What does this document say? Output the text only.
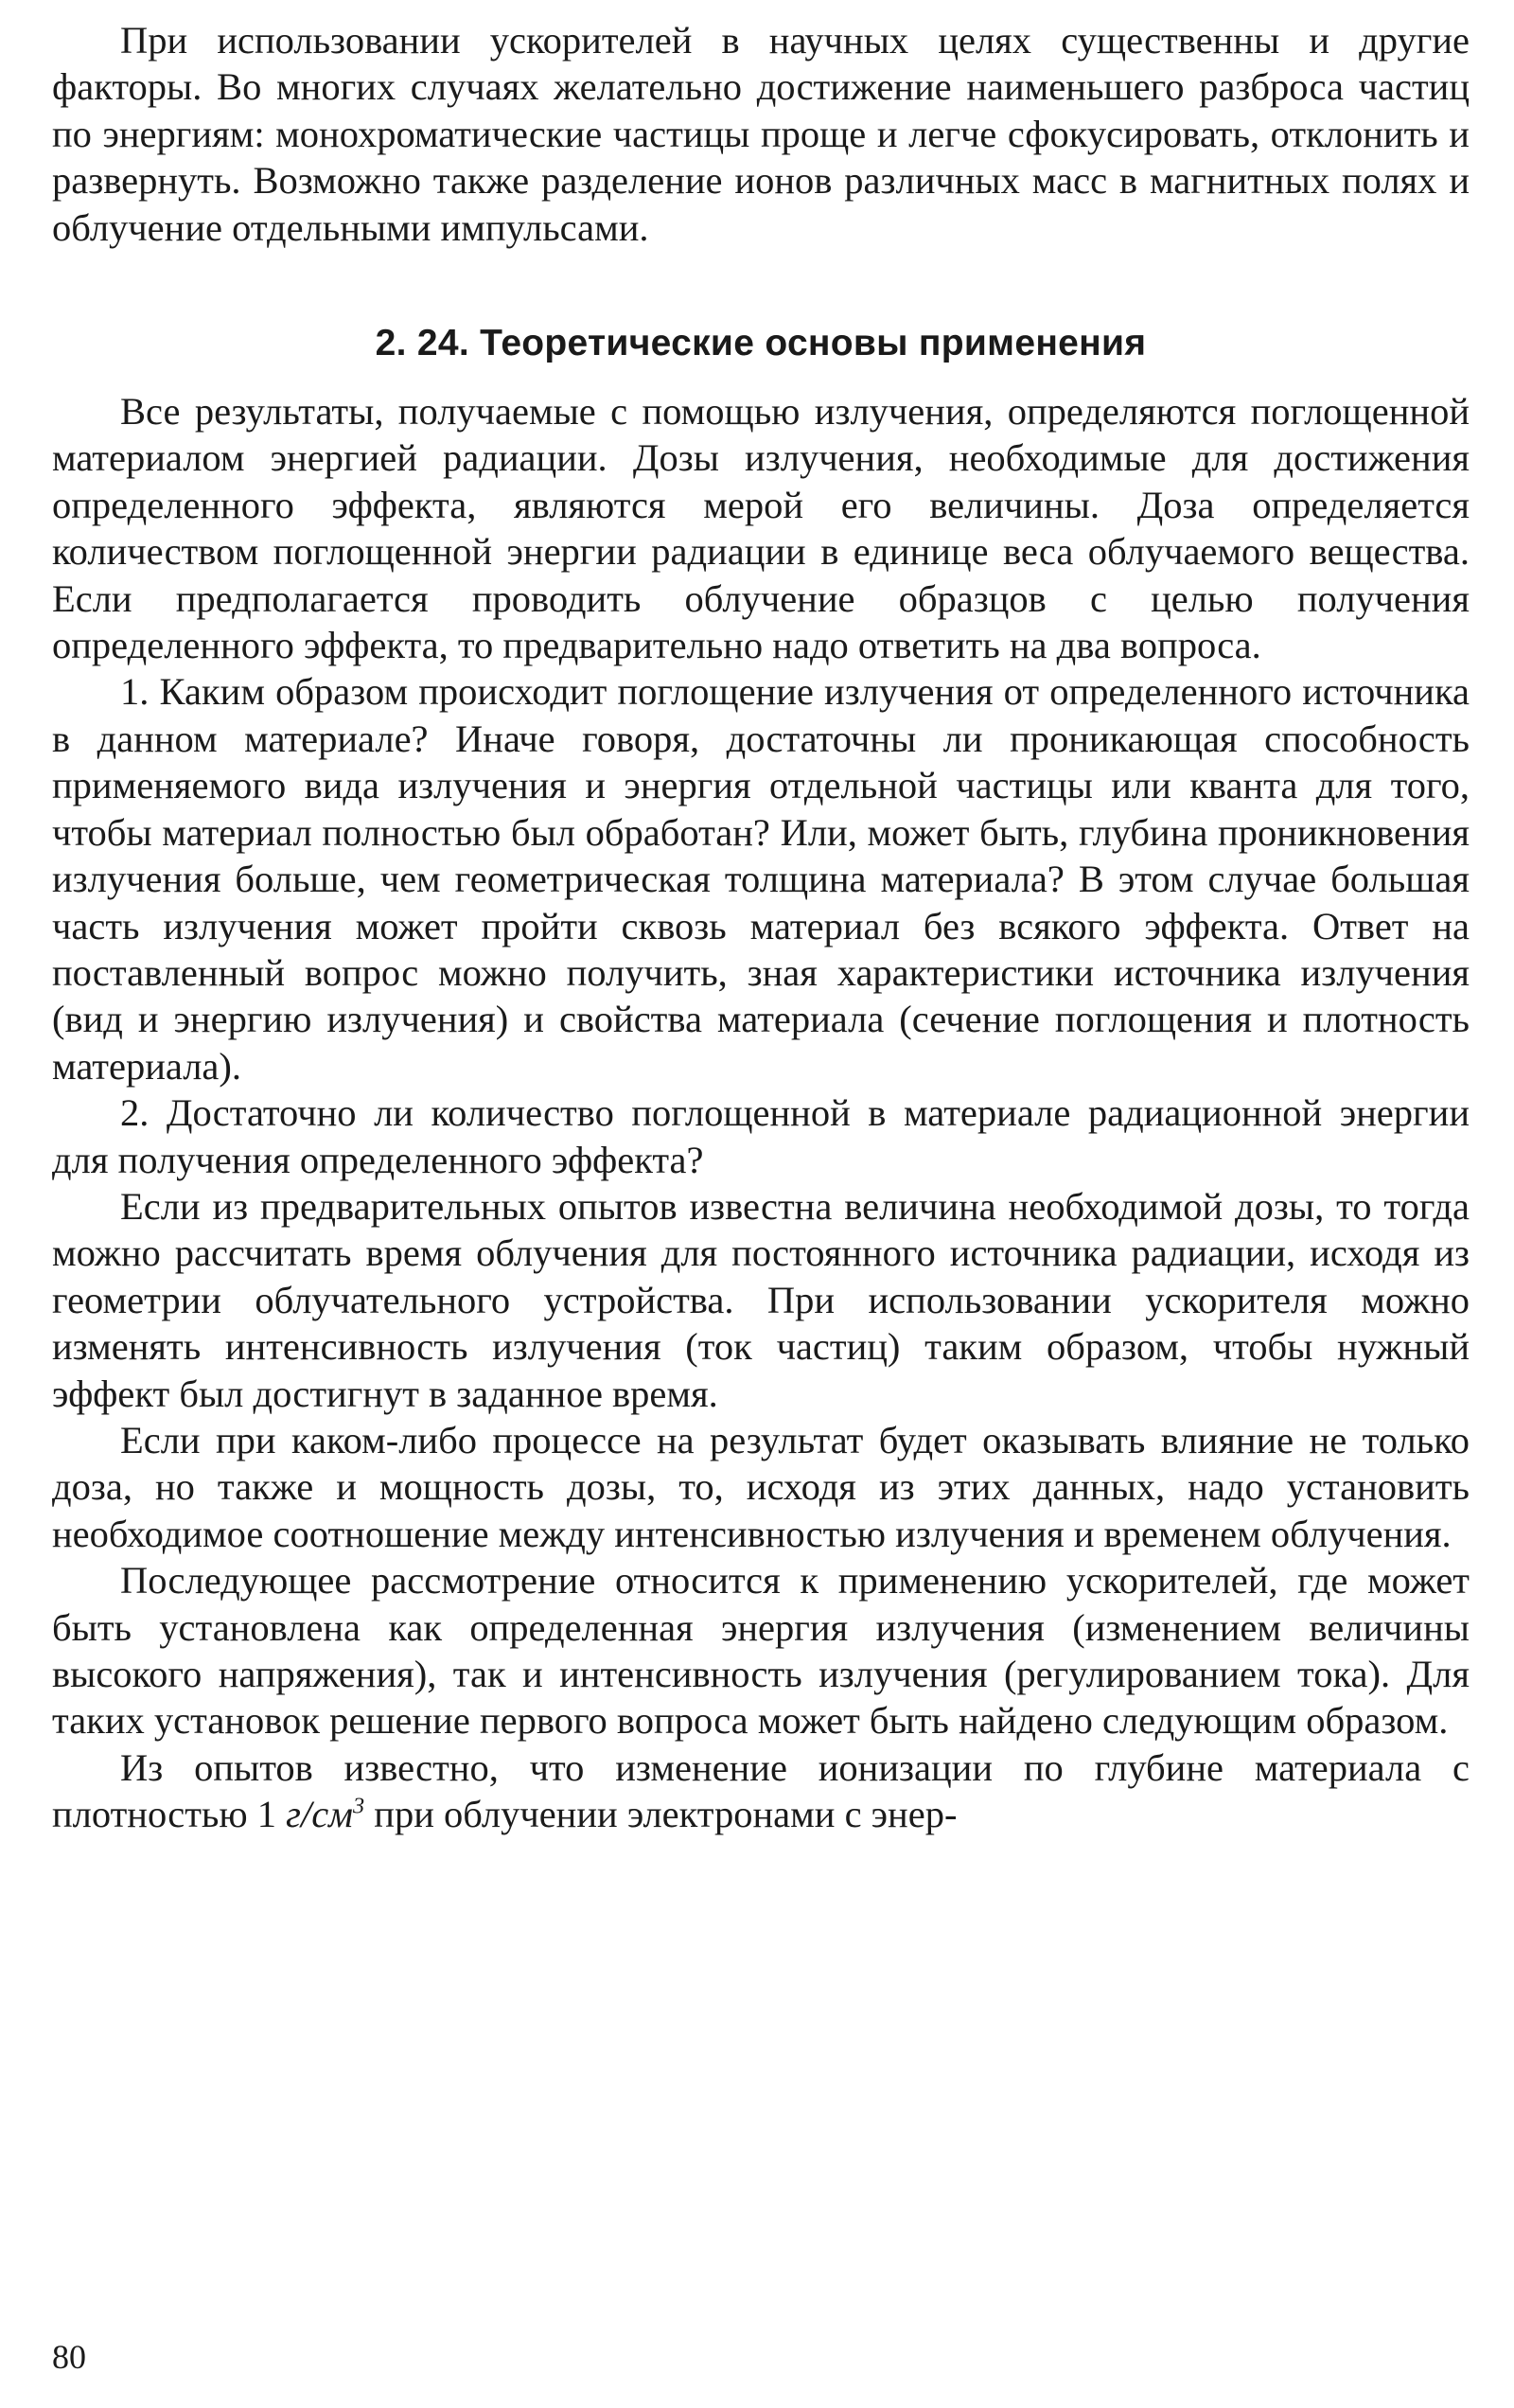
При использовании ускорителей в научных целях существенны и другие факторы. Во многих случаях желательно достижение наименьшего разброса частиц по энергиям: монохроматические частицы проще и легче сфокусировать, отклонить и развернуть. Возможно также разделение ионов различных масс в магнитных полях и облучение отдельными импульсами.

2. 24. Теоретические основы применения

Все результаты, получаемые с помощью излучения, определяются поглощенной материалом энергией радиации. Дозы излучения, необходимые для достижения определенного эффекта, являются мерой его величины. Доза определяется количеством поглощенной энергии радиации в единице веса облучаемого вещества. Если предполагается проводить облучение образцов с целью получения определенного эффекта, то предварительно надо ответить на два вопроса.

1. Каким образом происходит поглощение излучения от определенного источника в данном материале? Иначе говоря, достаточны ли проникающая способность применяемого вида излучения и энергия отдельной частицы или кванта для того, чтобы материал полностью был обработан? Или, может быть, глубина проникновения излучения больше, чем геометрическая толщина материала? В этом случае большая часть излучения может пройти сквозь материал без всякого эффекта. Ответ на поставленный вопрос можно получить, зная характеристики источника излучения (вид и энергию излучения) и свойства материала (сечение поглощения и плотность материала).

2. Достаточно ли количество поглощенной в материале радиационной энергии для получения определенного эффекта?

Если из предварительных опытов известна величина необходимой дозы, то тогда можно рассчитать время облучения для постоянного источника радиации, исходя из геометрии облучательного устройства. При использовании ускорителя можно изменять интенсивность излучения (ток частиц) таким образом, чтобы нужный эффект был достигнут в заданное время.

Если при каком-либо процессе на результат будет оказывать влияние не только доза, но также и мощность дозы, то, исходя из этих данных, надо установить необходимое соотношение между интенсивностью излучения и временем облучения.

Последующее рассмотрение относится к применению ускорителей, где может быть установлена как определенная энергия излучения (изменением величины высокого напряжения), так и интенсивность излучения (регулированием тока). Для таких установок решение первого вопроса может быть найдено следующим образом.

Из опытов известно, что изменение ионизации по глубине материала с плотностью 1 $г/см^3$ при облучении электронами с энер-

80
